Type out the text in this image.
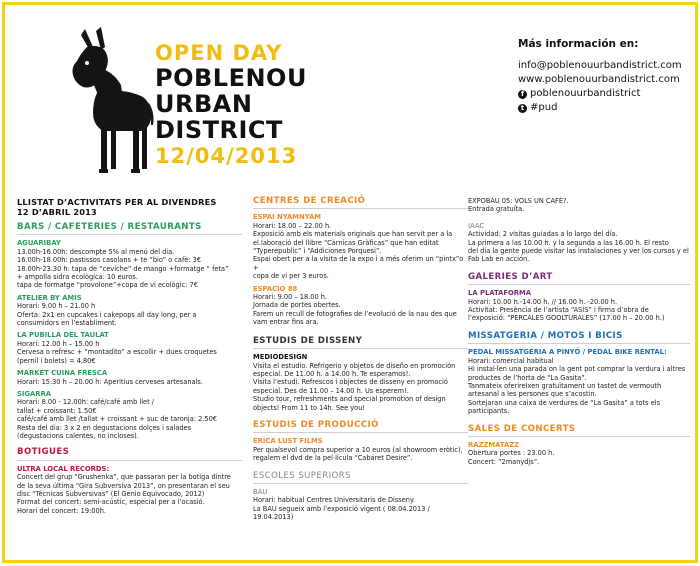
OPEN DAY
POBLENOU
URBAN
DISTRICT
12/04/2013
Más información en:
info@poblenouurbandistrict.com
www.poblenouurbandistrict.com
f poblenouurbandistrict
t #pud
LLISTAT D’ACTIVITATS PER AL DIVENDRES
12 D’ABRIL 2013
BARS / CAFETERIES / RESTAURANTS
AGUARIBAY
13.00h-16.00h: descompte 5% al menú del dia.
16.00h-18.00h: pastissos casolans + te “bio” o cafè: 3€
18.00h-23.30 h: tapa de “ceviche” de mango +formatge “ feta”
+ ampolla sidra ecològica: 10 euros.
tapa de formatge “provolone”+copa de vi ecològic: 7€
ATELIER BY AMIS
Horari: 9.00 h – 21.00 h
Oferta: 2x1 en cupcakes i cakepops all day long, per a
consumidors en l’establiment.
LA PUBILLA DEL TAULAT
Horari: 12.00 h – 15.00 h
Cervesa o refresc + “montadito” a escollir + dues croquetes
(pernil i bolets) = 4,80€
MARKET CUINA FRESCA
Horari: 15.30 h – 20.00 h: Aperitius cerveses artesanals.
SIGARRA
Horari: 8.00 - 12.00h: café/café amb llet /
tallat + croissant: 1.50€
café/café amb llet /tallat + croissant + suc de taronja: 2.50€
Resta del dia: 3 x 2 en degustacions dolçes i salades
(degustacions calentes, no incloses).
BOTIGUES
ULTRA LOCAL RECORDS:
Concert del grup “Grushenka”, que passaran per la botiga dintre
de la seva última “Gira Subversiva 2013”, on presentaran el seu
disc “Técnicas Subversivas” (El Genio Equivocado, 2012)
Format del concert: semi-acústic, especial per a l’ocasió.
Horari del concert: 19:00h.
CENTRES DE CREACIÓ
ESPAI NYAMNYAM
Horari: 18.00 – 22.00 h.
Exposició amb els materials originals que han servit per a la
el.laboració del llibre “Càrnicas Gràficas” que han editat
“Typerepublic” i “Addiciones Porquesi”.
Espai obert per a la visita de la expo i a més oferim un “pintx”o +
copa de vi per 3 euros.
ESPACIO 88
Horari: 9.00 – 18.00 h.
Jornada de portes obertes.
Farem un recull de fotografies de l’evolució de la nau des que
vam entrar fins ara.
ESTUDIS DE DISSENY
MEDIODESIGN
Visita el estudio. Refrigerio y objetos de diseño en promoción
especial. De 11.00 h. a 14.00 h. Te esperamos!.
Visita l’estudi. Refrescos i objectes de disseny en promoció
especial. Des de 11.00 – 14.00 h. Us esperem!.
Studio tour, refreshments and special promotion of design
objects! From 11 to 14h. See you!
ESTUDIS DE PRODUCCIÓ
ERICA LUST FILMS
Per qualsevol compra superior a 10 euros (al showroom eròtic),
regalem el dvd de la pel·lícula “Cabaret Desire”.
ESCOLES SUPERIORS
BAU
Horari: habitual Centres Universitaris de Disseny.
La BAU segueix amb l’exposició vigent ( 08.04.2013 /
19.04.2013)
EXPOBAU 05: VOLS UN CAFÈ?.
Entrada gratuïta.
IAAC
Actividad: 2 visitas guiadas a lo largo del día.
La primera a las 10.00 h. y la segunda a las 16.00 h. El resto
del día la gente puede visitar las instalaciones y ver los cursos y el
Fab Lab en acción.
GALERIES D’ART
LA PLATAFORMA
Horari: 10.00 h.-14.00 h. // 16.00 h. -20.00 h.
Activitat: Presència de l’artista “ASÍS” i firma d’obra de
l’exposició: “PERCALES GOOLTURALES” (17.00 h – 20.00 h.)
MISSATGERIA / MOTOS I BICIS
PEDAL MISSATGERIA A PINYÓ / PEDAL BIKE RENTAL:
Horari: comercial habitual
Hi instal·len una parada on la gent pot comprar la verdura i altres
productes de l’horta de “La Gasita”.
Tanmateix oferirelxen gratuïtament un tastet de vermouth
artesanal a les persones que s’acostin.
Sortejaran una caixa de verdures de “La Gasita” a tots els
participants.
SALES DE CONCERTS
RAZZMATAZZ
Obertura portes : 23.00 h.
Concert: “2manydjs”.
